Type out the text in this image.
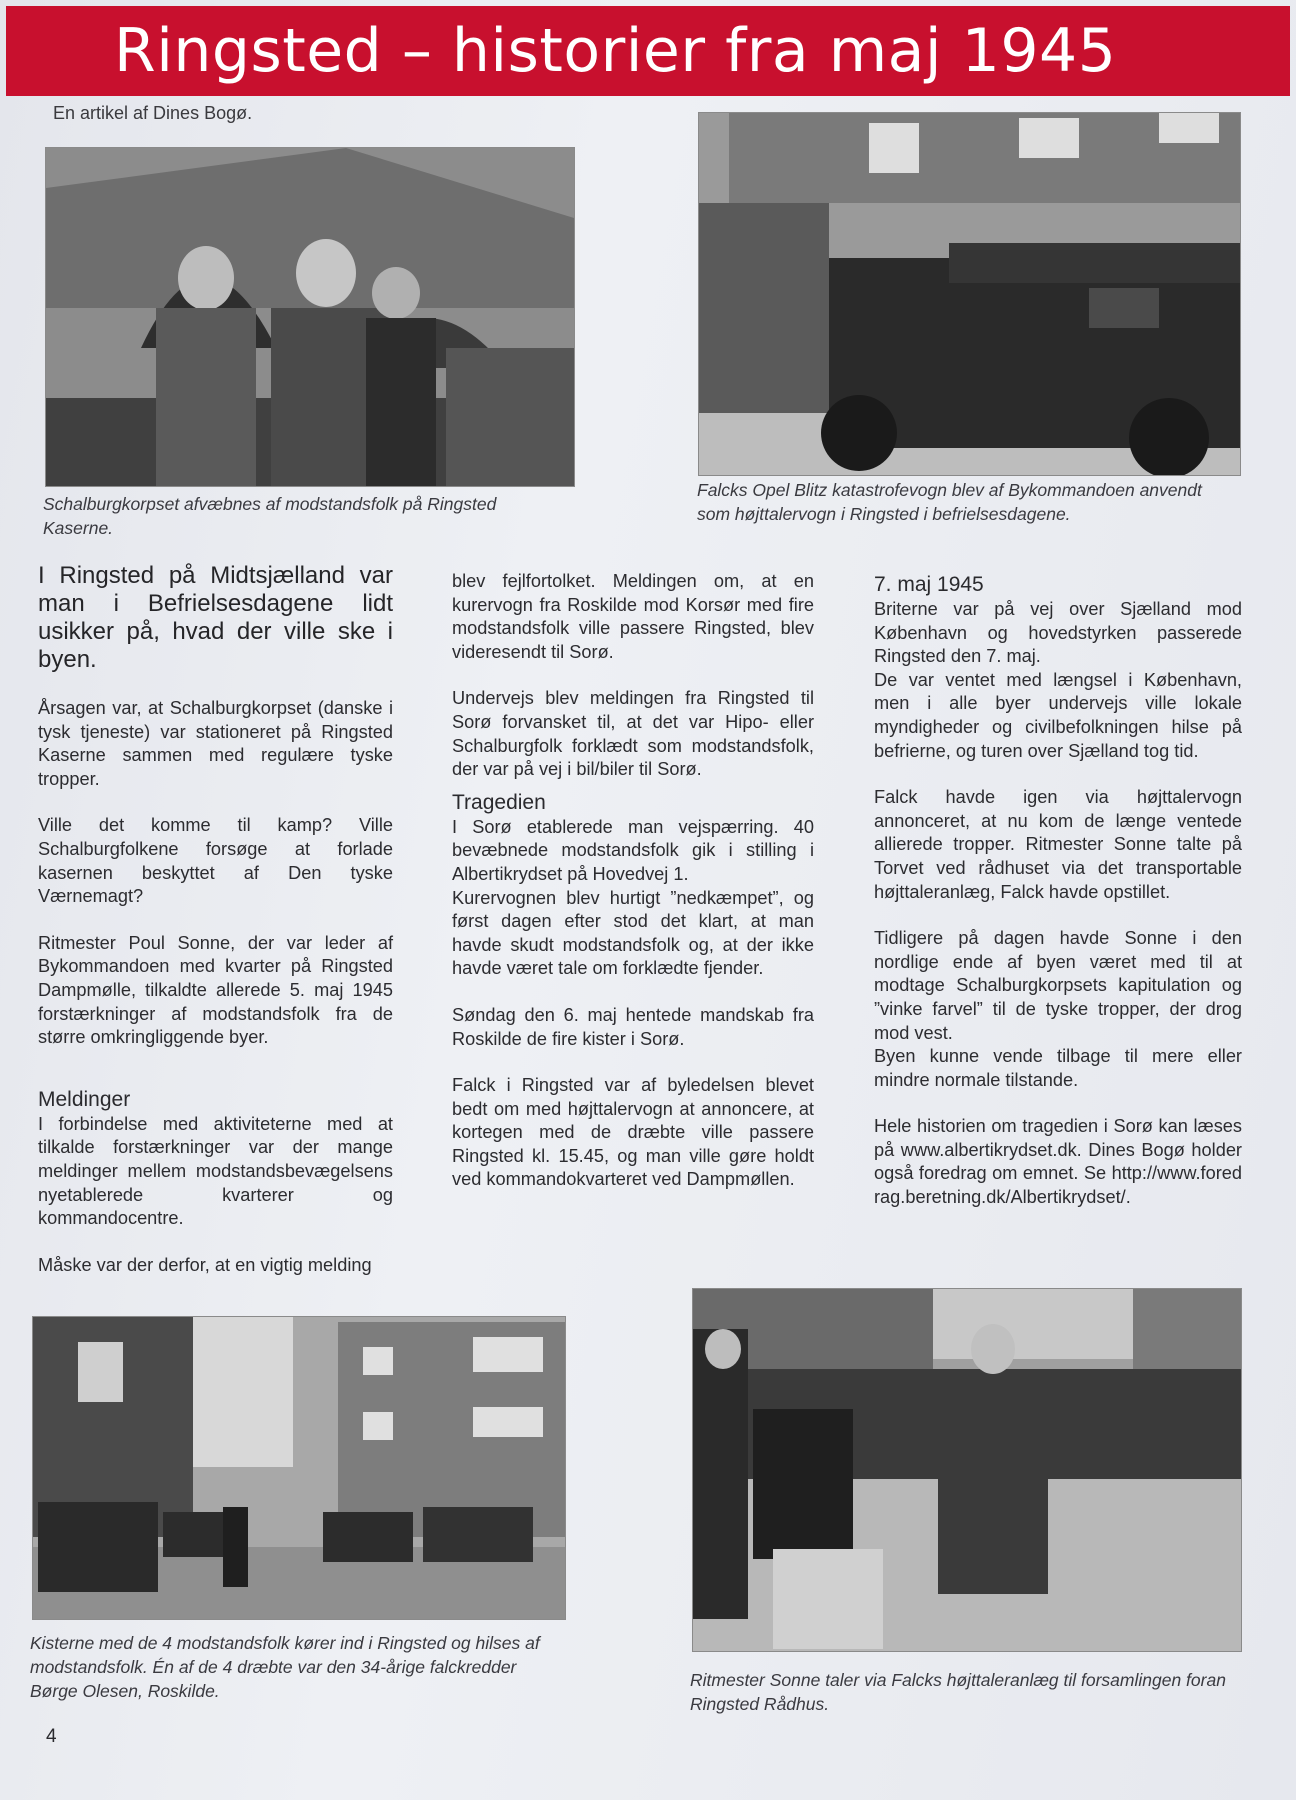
Ringsted – historier fra maj 1945
En artikel af Dines Bogø.
Schalburgkorpset afvæbnes af modstandsfolk på Ringsted Kaserne.
Falcks Opel Blitz katastrofevogn blev af Bykommandoen anvendt som højttalervogn i Ringsted i befrielsesdagene.

I Ringsted på Midtsjælland var man i Befrielsesdagene lidt usikker på, hvad der ville ske i byen.

Årsagen var, at Schalburgkorpset (danske i tysk tjeneste) var stationeret på Ringsted Kaserne sammen med regulære tyske tropper.

Ville det komme til kamp? Ville Schalburgfolkene forsøge at forlade kasernen beskyttet af Den tyske Værnemagt?

Ritmester Poul Sonne, der var leder af Bykommandoen med kvarter på Ringsted Dampmølle, tilkaldte allerede 5. maj 1945 forstærkninger af modstandsfolk fra de større omkringliggende byer.

Meldinger

I forbindelse med aktiviteterne med at tilkalde forstærkninger var der mange meldinger mellem modstandsbevægelsens nyetablerede kvarterer og kommandocentre.

Måske var der derfor, at en vigtig melding

blev fejlfortolket. Meldingen om, at en kurervogn fra Roskilde mod Korsør med fire modstandsfolk ville passere Ringsted, blev videresendt til Sorø.

Undervejs blev meldingen fra Ringsted til Sorø forvansket til, at det var Hipo- eller Schalburgfolk forklædt som modstandsfolk, der var på vej i bil/biler til Sorø.

Tragedien

I Sorø etablerede man vejspærring. 40 bevæbnede modstandsfolk gik i stilling i Albertikrydset på Hovedvej 1.

Kurervognen blev hurtigt ”nedkæmpet”, og først dagen efter stod det klart, at man havde skudt modstandsfolk og, at der ikke havde været tale om forklædte fjender.

Søndag den 6. maj hentede mandskab fra Roskilde de fire kister i Sorø.

Falck i Ringsted var af byledelsen blevet bedt om med højttalervogn at annoncere, at kortegen med de dræbte ville passere Ringsted kl. 15.45, og man ville gøre holdt ved kommandokvarteret ved Dampmøllen.

7. maj 1945

Briterne var på vej over Sjælland mod København og hovedstyrken passerede Ringsted den 7. maj.

De var ventet med længsel i København, men i alle byer undervejs ville lokale myndigheder og civilbefolkningen hilse på befrierne, og turen over Sjælland tog tid.

Falck havde igen via højttalervogn annonceret, at nu kom de længe ventede allierede tropper. Ritmester Sonne talte på Torvet ved rådhuset via det transportable højttaleranlæg, Falck havde opstillet.

Tidligere på dagen havde Sonne i den nordlige ende af byen været med til at modtage Schalburgkorpsets kapitulation og ”vinke farvel” til de tyske tropper, der drog mod vest.

Byen kunne vende tilbage til mere eller mindre normale tilstande.

Hele historien om tragedien i Sorø kan læses på www.albertikrydset.dk. Dines Bogø holder også foredrag om emnet. Se http://www.foredrag.beretning.dk/Albertikrydset/.

Kisterne med de 4 modstandsfolk kører ind i Ringsted og hilses af modstandsfolk. Én af de 4 dræbte var den 34-årige falckredder Børge Olesen, Roskilde.
Ritmester Sonne taler via Falcks højttaleranlæg til forsamlingen foran Ringsted Rådhus.
4
